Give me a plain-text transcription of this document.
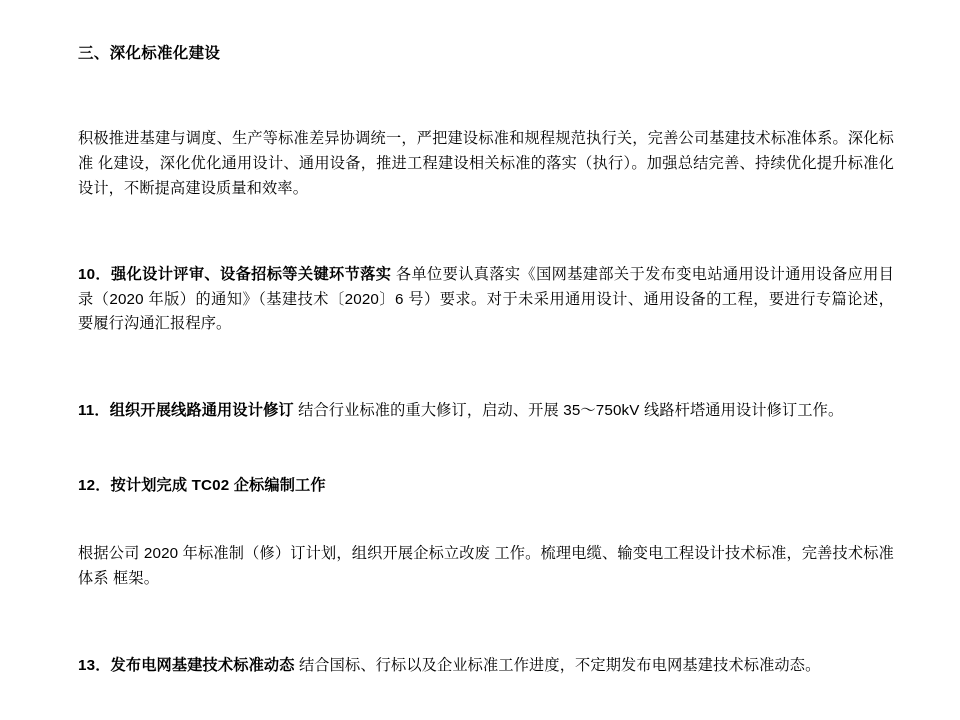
三、深化标准化建设

积极推进基建与调度、生产等标准差异协调统一，严把建设标准和规程规范执行关，完善公司基建技术标准体系。深化标准 化建设，深化优化通用设计、通用设备，推进工程建设相关标准的落实（执行）。加强总结完善、持续优化提升标准化设计，不断提高建设质量和效率。

10．强化设计评审、设备招标等关键环节落实 各单位要认真落实《国网基建部关于发布变电站通用设计通用设备应用目录（2020 年版）的通知》（基建技术〔2020〕6 号）要求。对于未采用通用设计、通用设备的工程，要进行专篇论述， 要履行沟通汇报程序。

11．组织开展线路通用设计修订 结合行业标准的重大修订，启动、开展 35～750kV 线路杆塔通用设计修订工作。

12．按计划完成 TC02 企标编制工作

根据公司 2020 年标准制（修）订计划，组织开展企标立改废 工作。梳理电缆、输变电工程设计技术标准，完善技术标准体系 框架。

13．发布电网基建技术标准动态 结合国标、行标以及企业标准工作进度，不定期发布电网基建技术标准动态。
